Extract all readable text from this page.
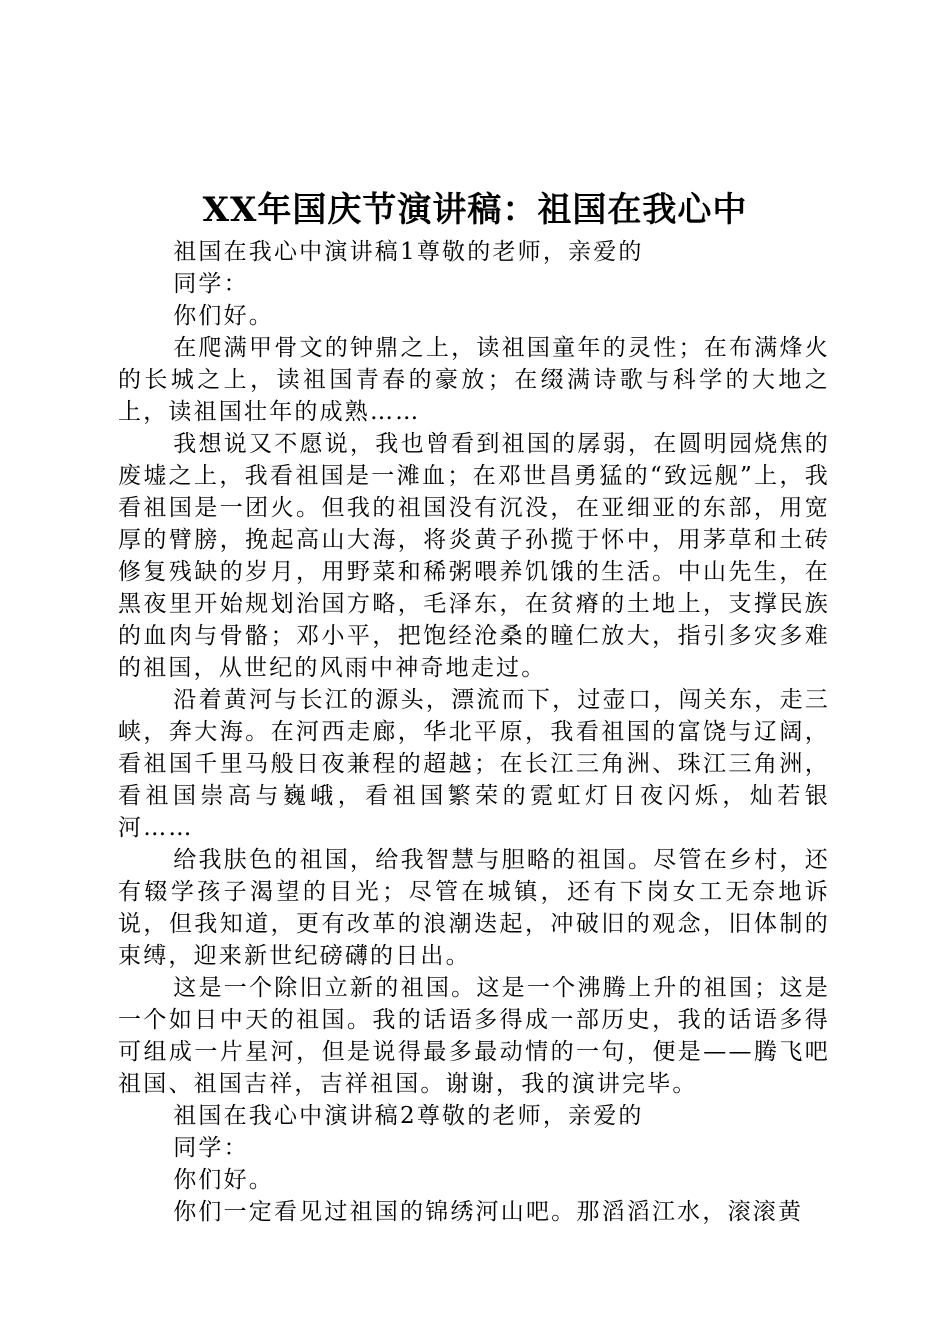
XX年国庆节演讲稿：祖国在我心中

祖国在我心中演讲稿1尊敬的老师，亲爱的

同学：

你们好。

在爬满甲骨文的钟鼎之上，读祖国童年的灵性；在布满烽火的长城之上，读祖国青春的豪放；在缀满诗歌与科学的大地之上，读祖国壮年的成熟……

我想说又不愿说，我也曾看到祖国的孱弱，在圆明园烧焦的废墟之上，我看祖国是一滩血；在邓世昌勇猛的“致远舰”上，我看祖国是一团火。但我的祖国没有沉没，在亚细亚的东部，用宽厚的臂膀，挽起高山大海，将炎黄子孙揽于怀中，用茅草和土砖修复残缺的岁月，用野菜和稀粥喂养饥饿的生活。中山先生，在黑夜里开始规划治国方略，毛泽东，在贫瘠的土地上，支撑民族的血肉与骨骼；邓小平，把饱经沧桑的瞳仁放大，指引多灾多难的祖国，从世纪的风雨中神奇地走过。

沿着黄河与长江的源头，漂流而下，过壶口，闯关东，走三峡，奔大海。在河西走廊，华北平原，我看祖国的富饶与辽阔，看祖国千里马般日夜兼程的超越；在长江三角洲、珠江三角洲，看祖国崇高与巍峨，看祖国繁荣的霓虹灯日夜闪烁，灿若银河……

给我肤色的祖国，给我智慧与胆略的祖国。尽管在乡村，还有辍学孩子渴望的目光；尽管在城镇，还有下岗女工无奈地诉说，但我知道，更有改革的浪潮迭起，冲破旧的观念，旧体制的束缚，迎来新世纪磅礴的日出。

这是一个除旧立新的祖国。这是一个沸腾上升的祖国；这是一个如日中天的祖国。我的话语多得成一部历史，我的话语多得可组成一片星河，但是说得最多最动情的一句，便是——腾飞吧祖国、祖国吉祥，吉祥祖国。谢谢，我的演讲完毕。

祖国在我心中演讲稿2尊敬的老师，亲爱的

同学：

你们好。

你们一定看见过祖国的锦绣河山吧。那滔滔江水，滚滚黄
